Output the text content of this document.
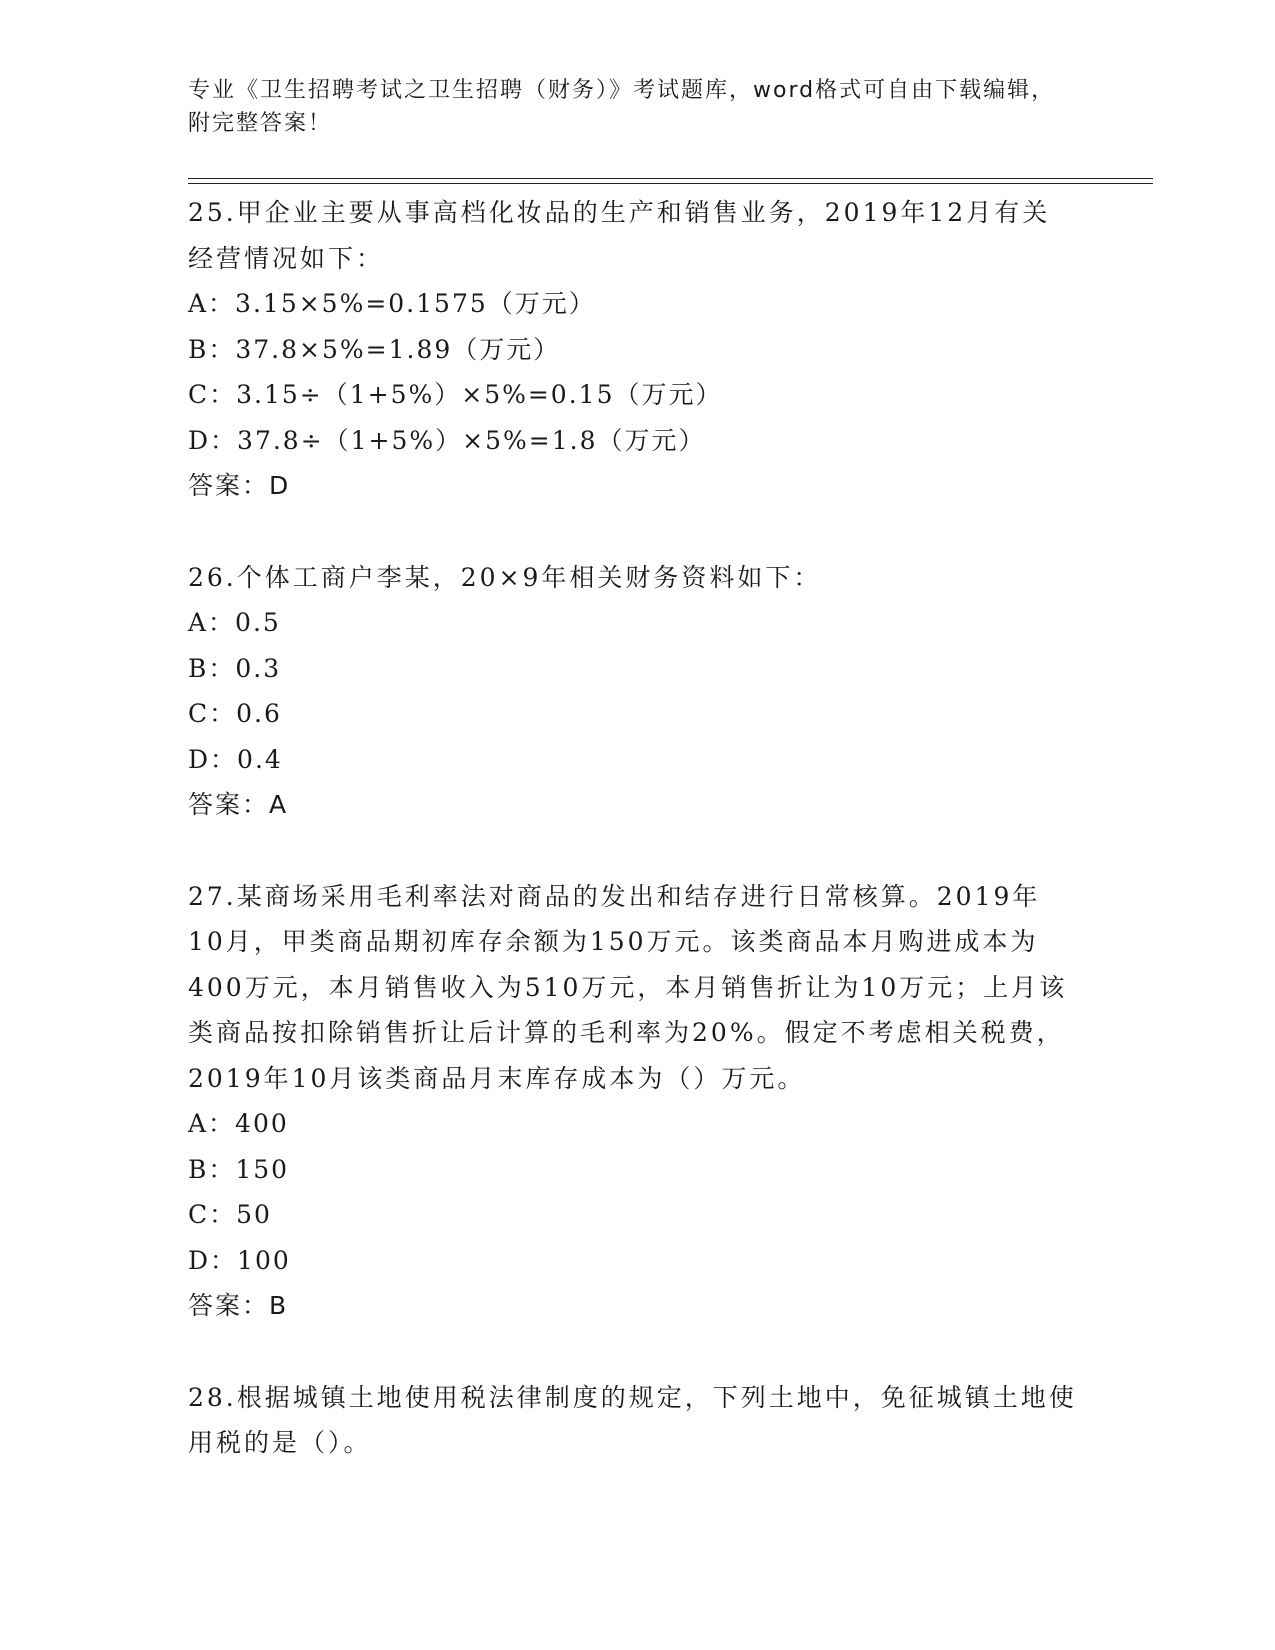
专业《卫生招聘考试之卫生招聘（财务）》考试题库，word格式可自由下载编辑，附完整答案！

25.甲企业主要从事高档化妆品的生产和销售业务，2019年12月有关经营情况如下：

A：3.15×5%=0.1575（万元）

B：37.8×5%=1.89（万元）

C：3.15÷（1+5%）×5%=0.15（万元）

D：37.8÷（1+5%）×5%=1.8（万元）

答案：D

26.个体工商户李某，20×9年相关财务资料如下：

A：0.5

B：0.3

C：0.6

D：0.4

答案：A

27.某商场采用毛利率法对商品的发出和结存进行日常核算。2019年10月，甲类商品期初库存余额为150万元。该类商品本月购进成本为400万元，本月销售收入为510万元，本月销售折让为10万元；上月该类商品按扣除销售折让后计算的毛利率为20%。假定不考虑相关税费，2019年10月该类商品月末库存成本为（）万元。

A：400

B：150

C：50

D：100

答案：B

28.根据城镇土地使用税法律制度的规定，下列土地中，免征城镇土地使用税的是（）。
